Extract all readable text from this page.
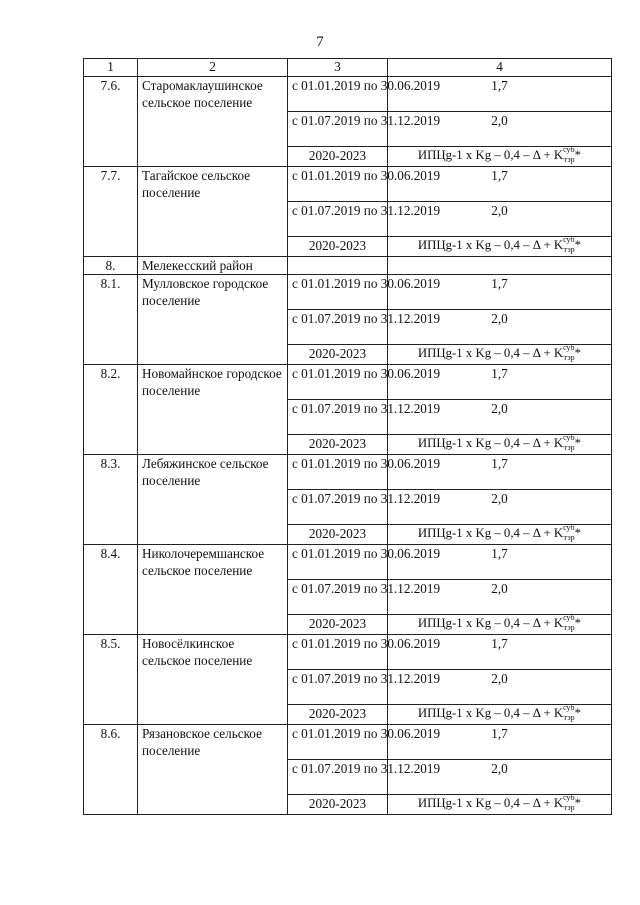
7
1	2	3	4
7.6.	Старомаклаушинское сельское поселение	с 01.01.2019 по 30.06.2019	1,7
		с 01.07.2019 по 31.12.2019	2,0
		2020-2023	ИПЦg-1 x $Kg - 0,4 - \Delta + K^{суб}_{тэр}*$
7.7.	Тагайское сельское поселение	с 01.01.2019 по 30.06.2019	1,7
		с 01.07.2019 по 31.12.2019	2,0
		2020-2023	ИПЦg-1 x $Kg - 0,4 - \Delta + K^{суб}_{тэр}*$
8.	Мелекесский район		
8.1.	Мулловское городское поселение	с 01.01.2019 по 30.06.2019	1,7
		с 01.07.2019 по 31.12.2019	2,0
		2020-2023	ИПЦg-1 x $Kg - 0,4 - \Delta + K^{суб}_{тэр}*$
8.2.	Новомайнское городское поселение	с 01.01.2019 по 30.06.2019	1,7
		с 01.07.2019 по 31.12.2019	2,0
		2020-2023	ИПЦg-1 x $Kg - 0,4 - \Delta + K^{суб}_{тэр}*$
8.3.	Лебяжинское сельское поселение	с 01.01.2019 по 30.06.2019	1,7
		с 01.07.2019 по 31.12.2019	2,0
		2020-2023	ИПЦg-1 x $Kg - 0,4 - \Delta + K^{суб}_{тэр}*$
8.4.	Николочеремшанское сельское поселение	с 01.01.2019 по 30.06.2019	1,7
		с 01.07.2019 по 31.12.2019	2,0
		2020-2023	ИПЦg-1 x $Kg - 0,4 - \Delta + K^{суб}_{тэр}*$
8.5.	Новосёлкинское сельское поселение	с 01.01.2019 по 30.06.2019	1,7
		с 01.07.2019 по 31.12.2019	2,0
		2020-2023	ИПЦg-1 x $Kg - 0,4 - \Delta + K^{суб}_{тэр}*$
8.6.	Рязановское сельское поселение	с 01.01.2019 по 30.06.2019	1,7
		с 01.07.2019 по 31.12.2019	2,0
		2020-2023	ИПЦg-1 x $Kg - 0,4 - \Delta + K^{суб}_{тэр}*$
